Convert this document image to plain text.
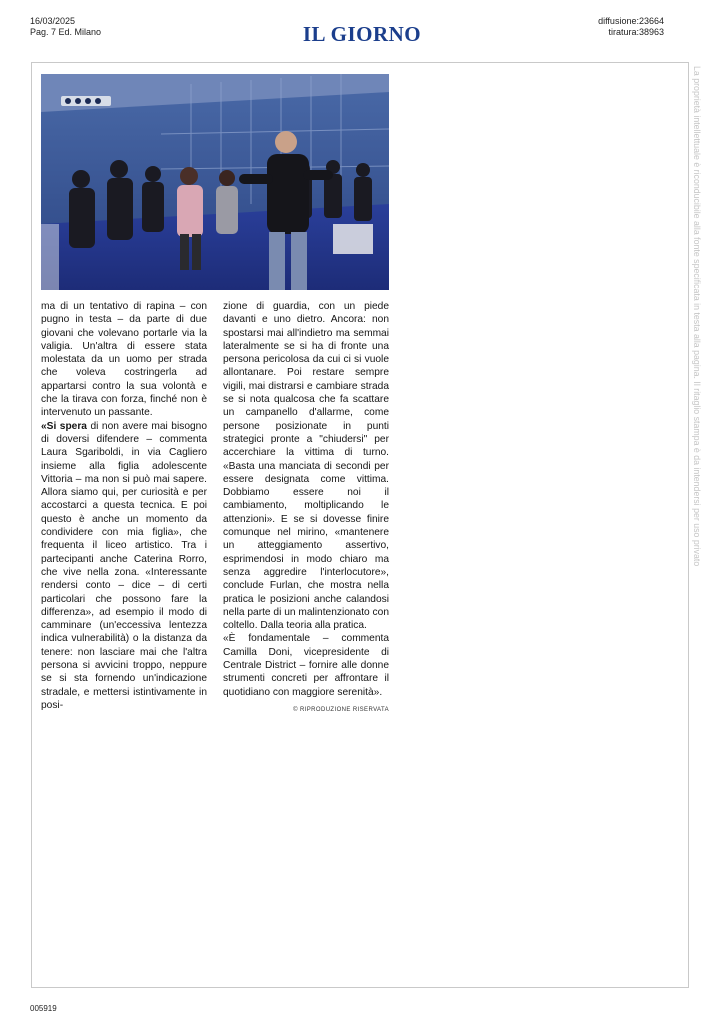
16/03/2025
Pag. 7 Ed. Milano	IL GIORNO
diffusione:23664
tiratura:38963

ma di un tentativo di rapina – con pugno in testa – da parte di due giovani che volevano portarle via la valigia. Un'altra di essere stata molestata da un uomo per strada che voleva costringerla ad appartarsi contro la sua volontà e che la tirava con forza, finché non è intervenuto un passante.

«Si spera di non avere mai bisogno di doversi difendere – commenta Laura Sgariboldi, in via Cagliero insieme alla figlia adolescente Vittoria – ma non si può mai sapere. Allora siamo qui, per curiosità e per accostarci a questa tecnica. E poi questo è anche un momento da condividere con mia figlia», che frequenta il liceo artistico. Tra i partecipanti anche Caterina Rorro, che vive nella zona. «Interessante rendersi conto – dice – di certi particolari che possono fare la differenza», ad esempio il modo di camminare (un'eccessiva lentezza indica vulnerabilità) o la distanza da tenere: non lasciare mai che l'altra persona si avvicini troppo, neppure se si sta fornendo un'indicazione stradale, e mettersi istintivamente in posi-

zione di guardia, con un piede davanti e uno dietro. Ancora: non spostarsi mai all'indietro ma semmai lateralmente se si ha di fronte una persona pericolosa da cui ci si vuole allontanare. Poi restare sempre vigili, mai distrarsi e cambiare strada se si nota qualcosa che fa scattare un campanello d'allarme, come persone posizionate in punti strategici pronte a "chiudersi" per accerchiare la vittima di turno. «Basta una manciata di secondi per essere designata come vittima. Dobbiamo essere noi il cambiamento, moltiplicando le attenzioni». E se si dovesse finire comunque nel mirino, «mantenere un atteggiamento assertivo, esprimendosi in modo chiaro ma senza aggredire l'interlocutore», conclude Furlan, che mostra nella pratica le posizioni anche calandosi nella parte di un malintenzionato con coltello. Dalla teoria alla pratica.

«È fondamentale – commenta Camilla Doni, vicepresidente di Centrale District – fornire alle donne strumenti concreti per affrontare il quotidiano con maggiore serenità».

© RIPRODUZIONE RISERVATA
La proprietà intellettuale è riconducibile alla fonte specificata in testa alla pagina. Il ritaglio stampa è da intendersi per uso privato
005919
